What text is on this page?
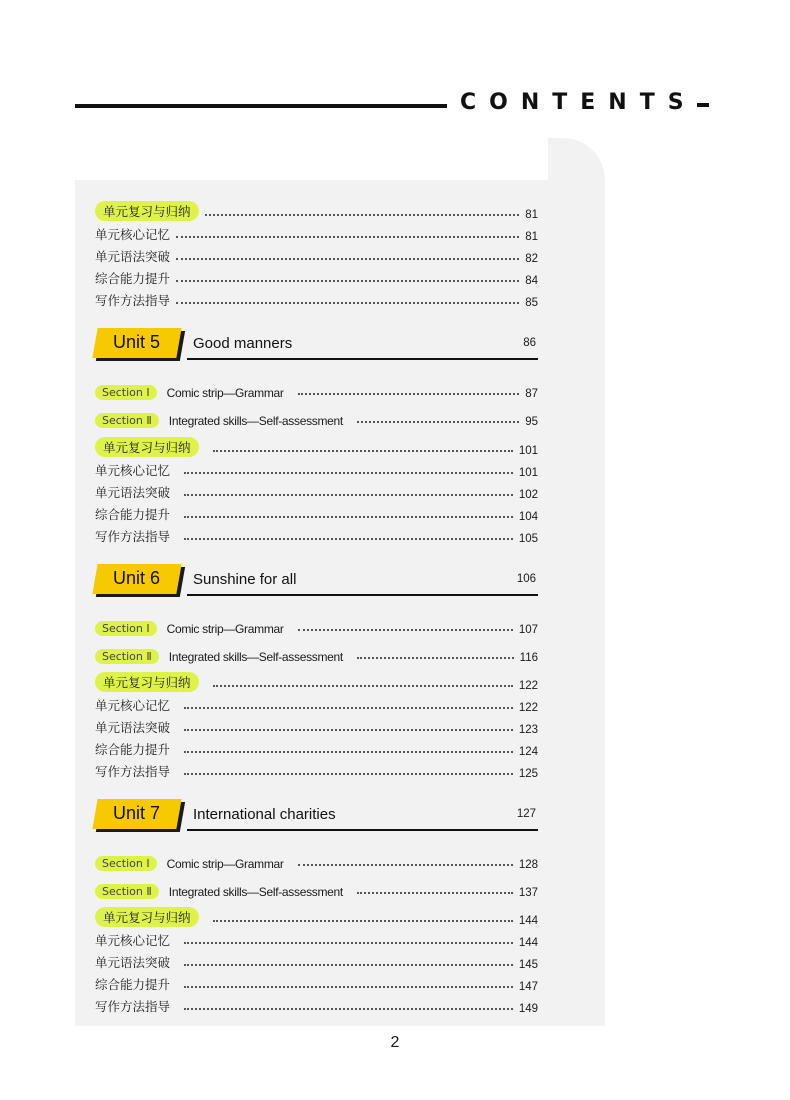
CONTENTS
单元复习与归纳	81
单元核心记忆	81
单元语法突破	82
综合能力提升	84
写作方法指导	85
Unit 5 Good manners	86
Section Ⅰ	Comic strip—Grammar	87
Section Ⅱ	Integrated skills—Self-assessment	95
单元复习与归纳	101
单元核心记忆	101
单元语法突破	102
综合能力提升	104
写作方法指导	105
Unit 6 Sunshine for all	106
Section Ⅰ	Comic strip—Grammar	107
Section Ⅱ	Integrated skills—Self-assessment	116
单元复习与归纳	122
单元核心记忆	122
单元语法突破	123
综合能力提升	124
写作方法指导	125
Unit 7 International charities	127
Section Ⅰ	Comic strip—Grammar	128
Section Ⅱ	Integrated skills—Self-assessment	137
单元复习与归纳	144
单元核心记忆	144
单元语法突破	145
综合能力提升	147
写作方法指导	149
2
